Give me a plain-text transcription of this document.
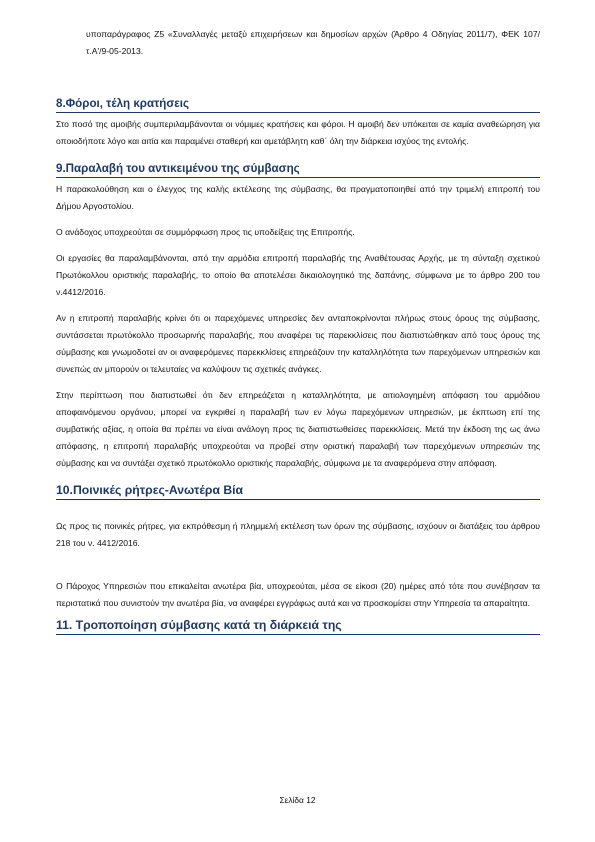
υποπαράγραφος Ζ5 «Συναλλαγές μεταξύ επιχειρήσεων και δημοσίων αρχών (Άρθρο 4 Οδηγίας 2011/7), ΦΕΚ 107/τ.Α'/9-05-2013.

8.Φόροι, τέλη κρατήσεις

Στο ποσό της αμοιβής συμπεριλαμβάνονται οι νόμιμες κρατήσεις και φόροι. Η αμοιβή δεν υπόκειται σε καμία αναθεώρηση για οποιοδήποτε λόγο και αιτία και παραμένει σταθερή και αμετάβλητη καθ΄ όλη την διάρκεια ισχύος της εντολής.

9.Παραλαβή του αντικειμένου της σύμβασης

Η παρακολούθηση και ο έλεγχος της καλής εκτέλεσης της σύμβασης, θα πραγματοποιηθεί από την τριμελή επιτροπή του Δήμου Αργοστολίου.

Ο ανάδοχος υποχρεούται σε συμμόρφωση προς τις υποδείξεις της Επιτροπής.

Οι εργασίες θα παραλαμβάνονται, από την αρμόδια επιτροπή παραλαβής της Αναθέτουσας Αρχής, με τη σύνταξη σχετικού Πρωτόκολλου οριστικής παραλαβής, το οποίο θα αποτελέσει δικαιολογητικό της δαπάνης, σύμφωνα με το άρθρο 200 του ν.4412/2016.

Αν η επιτροπή παραλαβής κρίνει ότι οι παρεχόμενες υπηρεσίες δεν ανταποκρίνονται πλήρως στους όρους της σύμβασης, συντάσσεται πρωτόκολλο προσωρινής παραλαβής, που αναφέρει τις παρεκκλίσεις που διαπιστώθηκαν από τους όρους της σύμβασης και γνωμοδοτεί αν οι αναφερόμενες παρεκκλίσεις επηρεάζουν την καταλληλότητα των παρεχόμενων υπηρεσιών και συνεπώς αν μπορούν οι τελευταίες να καλύψουν τις σχετικές ανάγκες.

Στην περίπτωση που διαπιστωθεί ότι δεν επηρεάζεται η καταλληλότητα, με αιτιολογημένη απόφαση του αρμόδιου αποφαινόμενου οργάνου, μπορεί να εγκριθεί η παραλαβή των εν λόγω παρεχόμενων υπηρεσιών, με έκπτωση επί της συμβατικής αξίας, η οποία θα πρέπει να είναι ανάλογη προς τις διαπιστωθείσες παρεκκλίσεις. Μετά την έκδοση της ως άνω απόφασης, η επιτροπή παραλαβής υποχρεούται να προβεί στην οριστική παραλαβή των παρεχόμενων υπηρεσιών της σύμβασης και να συντάξει σχετικό πρωτόκολλο οριστικής παραλαβής, σύμφωνα με τα αναφερόμενα στην απόφαση.

10.Ποινικές ρήτρες-Ανωτέρα Βία

Ως προς τις ποινικές ρήτρες, για εκπρόθεσμη ή πλημμελή εκτέλεση των όρων της σύμβασης, ισχύουν οι διατάξεις του άρθρου 218 του ν. 4412/2016.

Ο Πάροχος Υπηρεσιών που επικαλείται ανωτέρα βία, υποχρεούται, μέσα σε είκοσι (20) ημέρες από τότε που συνέβησαν τα περιστατικά που συνιστούν την ανωτέρα βία, να αναφέρει εγγράφως αυτά και να προσκομίσει στην Υπηρεσία τα απαραίτητα.

11. Τροποποίηση σύμβασης κατά τη διάρκειά της
Σελίδα 12
